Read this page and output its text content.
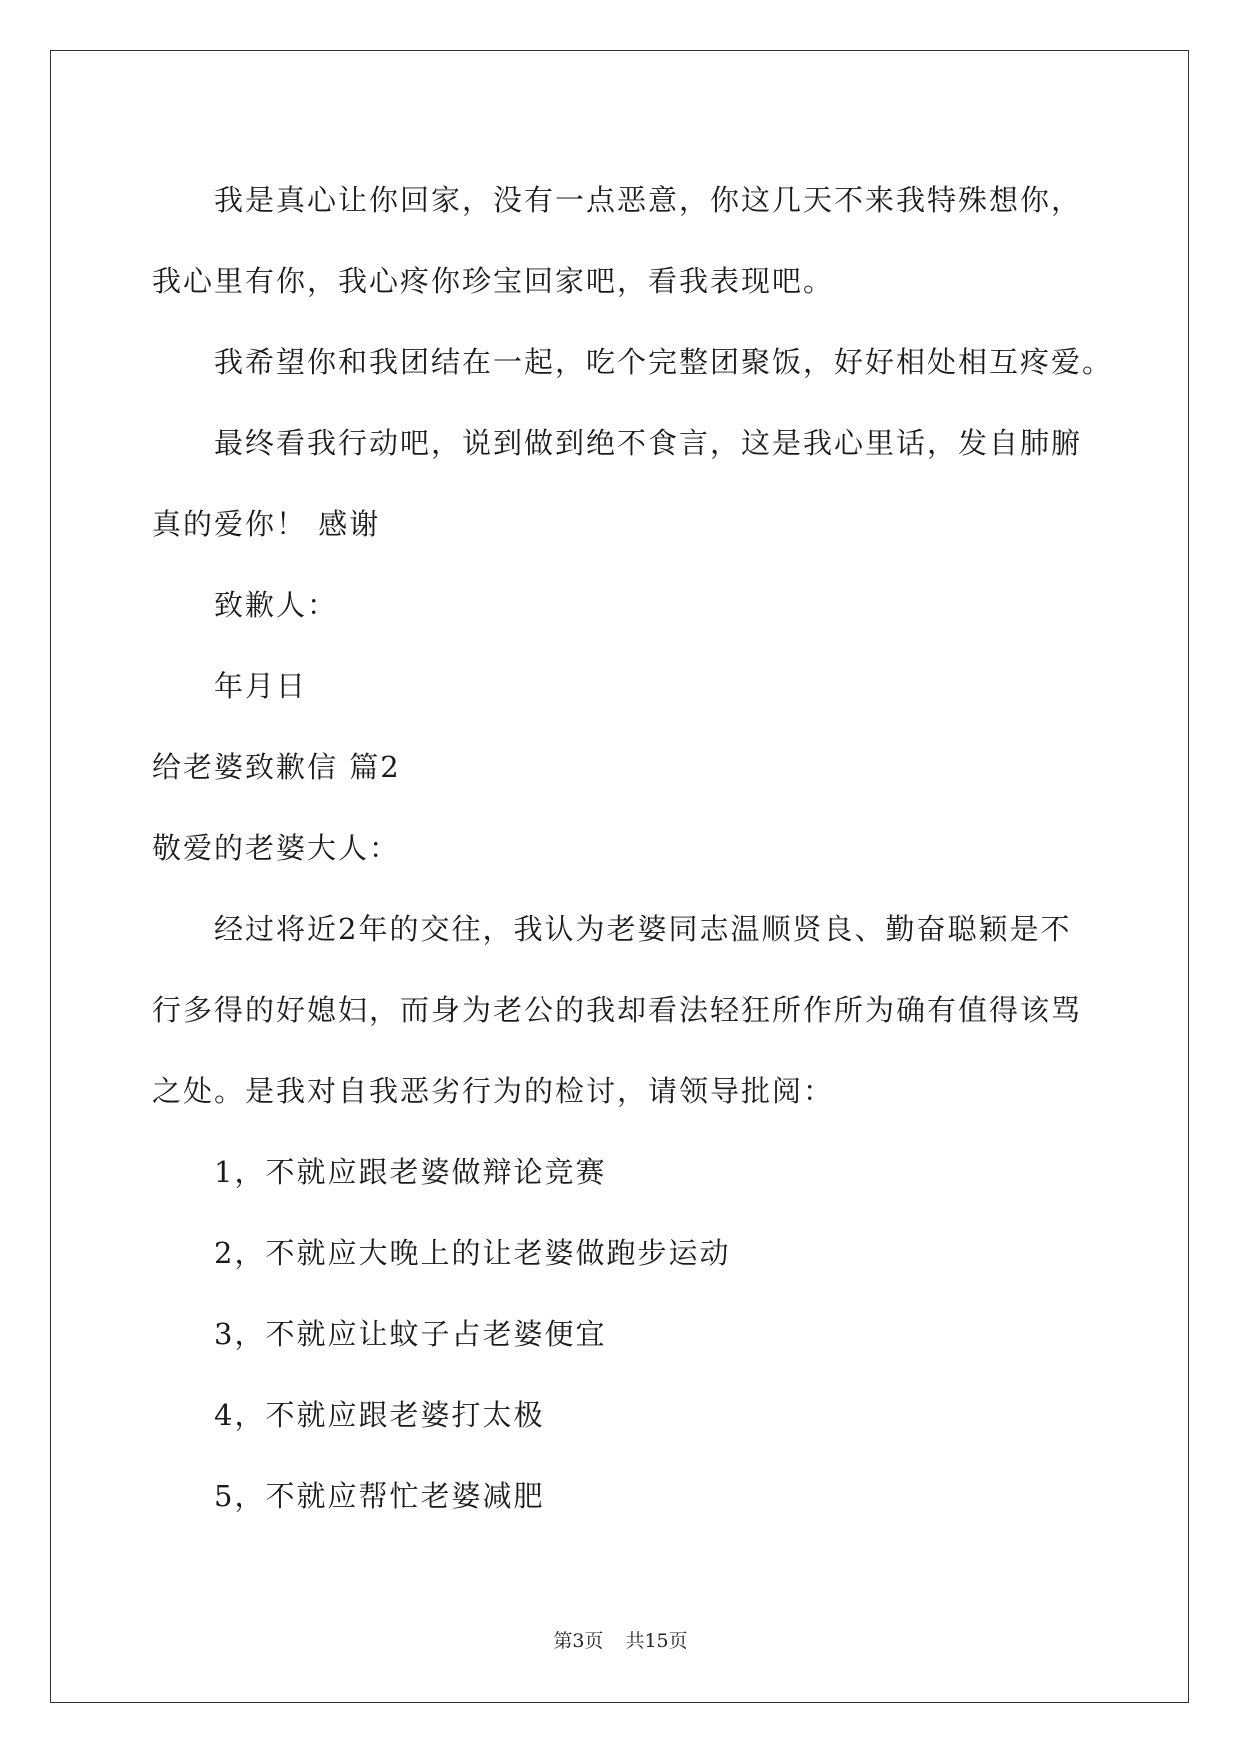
我是真心让你回家，没有一点恶意，你这几天不来我特殊想你，
我心里有你，我心疼你珍宝回家吧，看我表现吧。
我希望你和我团结在一起，吃个完整团聚饭，好好相处相互疼爱。
最终看我行动吧，说到做到绝不食言，这是我心里话，发自肺腑
真的爱你！ 感谢
致歉人：
年月日
给老婆致歉信 篇2
敬爱的老婆大人：
经过将近2年的交往，我认为老婆同志温顺贤良、勤奋聪颖是不
行多得的好媳妇，而身为老公的我却看法轻狂所作所为确有值得该骂
之处。是我对自我恶劣行为的检讨，请领导批阅：
1，不就应跟老婆做辩论竞赛
2，不就应大晚上的让老婆做跑步运动
3，不就应让蚊子占老婆便宜
4，不就应跟老婆打太极
5，不就应帮忙老婆减肥
第3页 共15页
